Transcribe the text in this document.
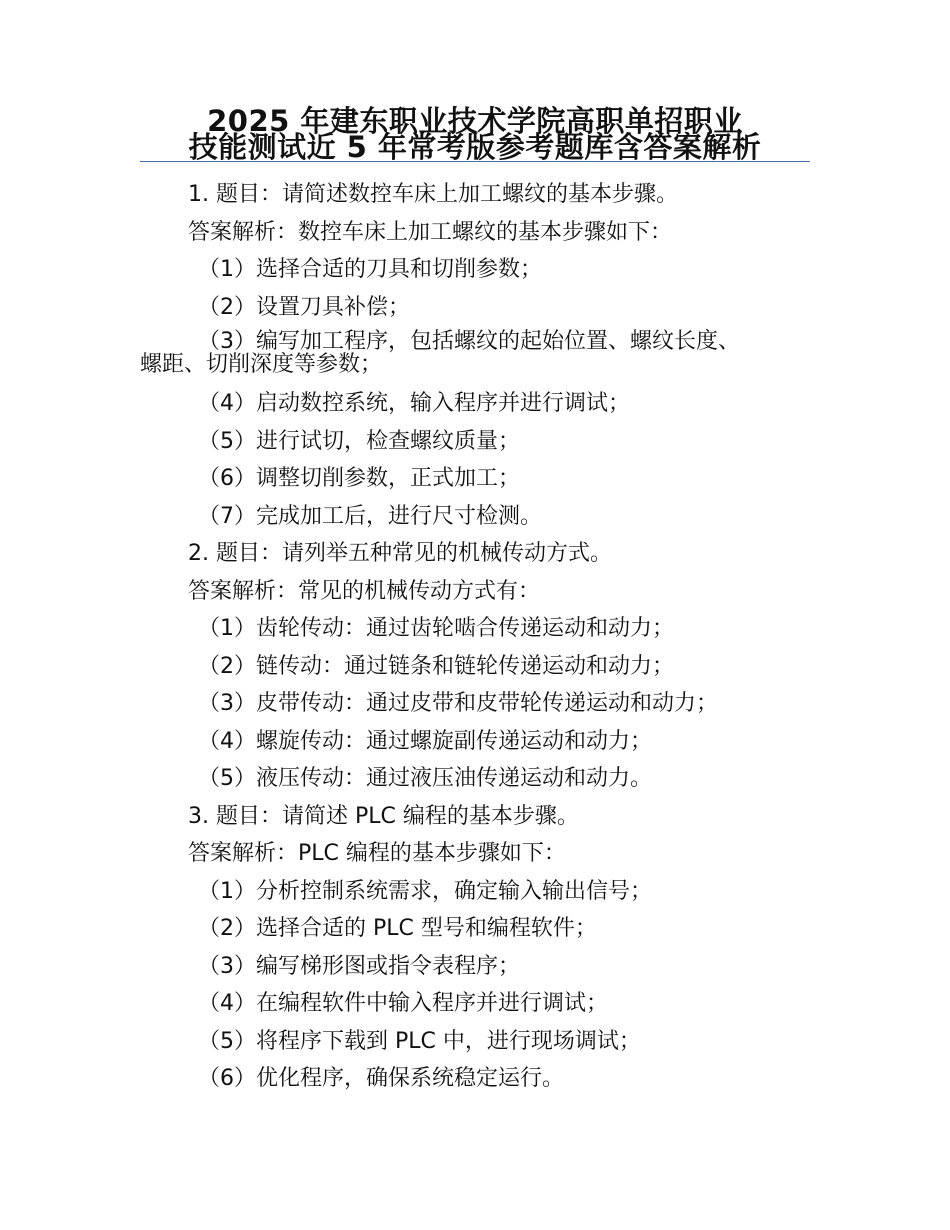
2025 年建东职业技术学院高职单招职业
技能测试近 5 年常考版参考题库含答案解析
1. 题目：请简述数控车床上加工螺纹的基本步骤。
答案解析：数控车床上加工螺纹的基本步骤如下：
（1）选择合适的刀具和切削参数；
（2）设置刀具补偿；
（3）编写加工程序，包括螺纹的起始位置、螺纹长度、
螺距、切削深度等参数；
（4）启动数控系统，输入程序并进行调试；
（5）进行试切，检查螺纹质量；
（6）调整切削参数，正式加工；
（7）完成加工后，进行尺寸检测。
2. 题目：请列举五种常见的机械传动方式。
答案解析：常见的机械传动方式有：
（1）齿轮传动：通过齿轮啮合传递运动和动力；
（2）链传动：通过链条和链轮传递运动和动力；
（3）皮带传动：通过皮带和皮带轮传递运动和动力；
（4）螺旋传动：通过螺旋副传递运动和动力；
（5）液压传动：通过液压油传递运动和动力。
3. 题目：请简述 PLC 编程的基本步骤。
答案解析：PLC 编程的基本步骤如下：
（1）分析控制系统需求，确定输入输出信号；
（2）选择合适的 PLC 型号和编程软件；
（3）编写梯形图或指令表程序；
（4）在编程软件中输入程序并进行调试；
（5）将程序下载到 PLC 中，进行现场调试；
（6）优化程序，确保系统稳定运行。
